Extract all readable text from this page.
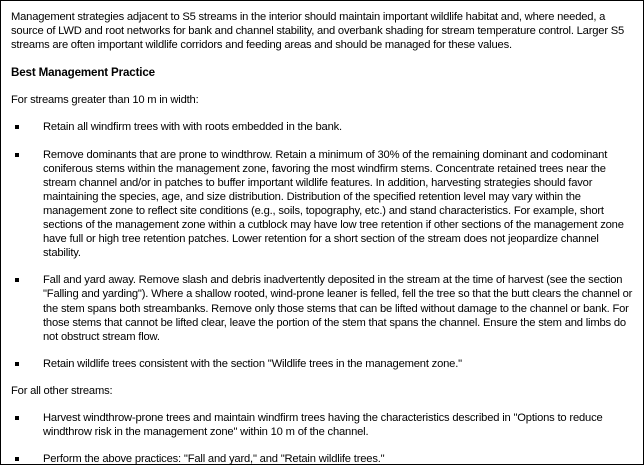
Management strategies adjacent to S5 streams in the interior should maintain important wildlife habitat and, where needed, a source of LWD and root networks for bank and channel stability, and overbank shading for stream temperature control. Larger S5 streams are often important wildlife corridors and feeding areas and should be managed for these values.

Best Management Practice

For streams greater than 10 m in width:

Retain all windfirm trees with with roots embedded in the bank.
Remove dominants that are prone to windthrow. Retain a minimum of 30% of the remaining dominant and codominant coniferous stems within the management zone, favoring the most windfirm stems. Concentrate retained trees near the stream channel and/or in patches to buffer important wildlife features. In addition, harvesting strategies should favor maintaining the species, age, and size distribution. Distribution of the specified retention level may vary within the management zone to reflect site conditions (e.g., soils, topography, etc.) and stand characteristics. For example, short sections of the management zone within a cutblock may have low tree retention if other sections of the management zone have full or high tree retention patches. Lower retention for a short section of the stream does not jeopardize channel stability.
Fall and yard away. Remove slash and debris inadvertently deposited in the stream at the time of harvest (see the section "Falling and yarding"). Where a shallow rooted, wind-prone leaner is felled, fell the tree so that the butt clears the channel or the stem spans both streambanks. Remove only those stems that can be lifted without damage to the channel or bank. For those stems that cannot be lifted clear, leave the portion of the stem that spans the channel. Ensure the stem and limbs do not obstruct stream flow.
Retain wildlife trees consistent with the section "Wildlife trees in the management zone."

For all other streams:

Harvest windthrow-prone trees and maintain windfirm trees having the characteristics described in "Options to reduce windthrow risk in the management zone" within 10 m of the channel.
Perform the above practices: "Fall and yard," and "Retain wildlife trees."
